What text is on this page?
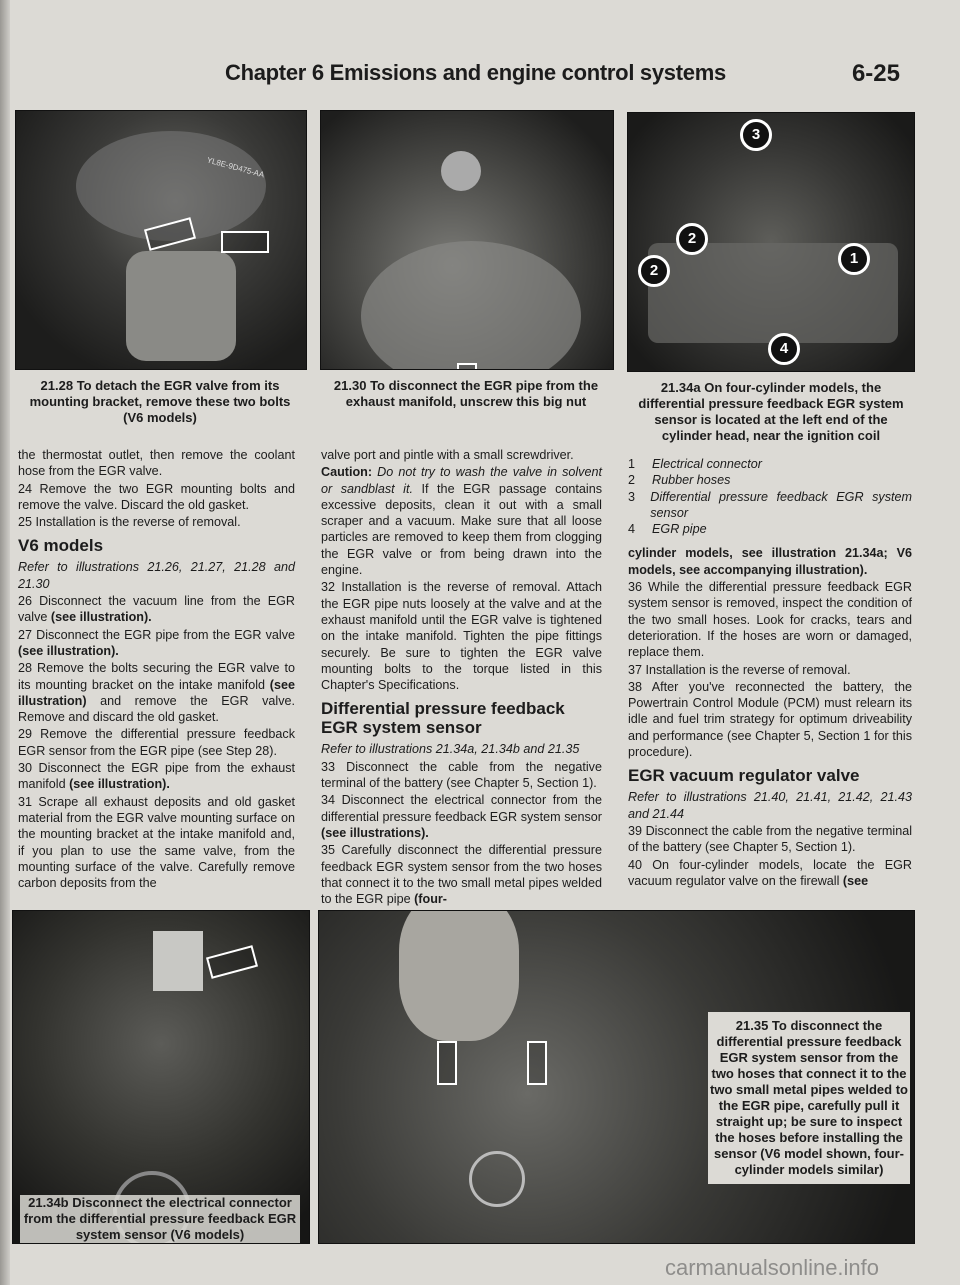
Chapter 6 Emissions and engine control systems	6-25
YL8E-9D475-AA
21.28 To detach the EGR valve from its mounting bracket, remove these two bolts (V6 models)
21.30 To disconnect the EGR pipe from the exhaust manifold, unscrew this big nut
3
2
1
2
4
21.34a On four-cylinder models, the differential pressure feedback EGR system sensor is located at the left end of the cylinder head, near the ignition coil

the thermostat outlet, then remove the coolant hose from the EGR valve.

24 Remove the two EGR mounting bolts and remove the valve. Discard the old gasket.

25 Installation is the reverse of removal.

V6 models

Refer to illustrations 21.26, 21.27, 21.28 and 21.30

26 Disconnect the vacuum line from the EGR valve (see illustration).

27 Disconnect the EGR pipe from the EGR valve (see illustration).

28 Remove the bolts securing the EGR valve to its mounting bracket on the intake manifold (see illustration) and remove the EGR valve. Remove and discard the old gasket.

29 Remove the differential pressure feedback EGR sensor from the EGR pipe (see Step 28).

30 Disconnect the EGR pipe from the exhaust manifold (see illustration).

31 Scrape all exhaust deposits and old gasket material from the EGR valve mounting surface on the mounting bracket at the intake manifold and, if you plan to use the same valve, from the mounting surface of the valve. Carefully remove carbon deposits from the

valve port and pintle with a small screwdriver.

Caution: Do not try to wash the valve in solvent or sandblast it. If the EGR passage contains excessive deposits, clean it out with a small scraper and a vacuum. Make sure that all loose particles are removed to keep them from clogging the EGR valve or from being drawn into the engine.

32 Installation is the reverse of removal. Attach the EGR pipe nuts loosely at the valve and at the exhaust manifold until the EGR valve is tightened on the intake manifold. Tighten the pipe fittings securely. Be sure to tighten the EGR valve mounting bolts to the torque listed in this Chapter's Specifications.

Differential pressure feedback EGR system sensor

Refer to illustrations 21.34a, 21.34b and 21.35

33 Disconnect the cable from the negative terminal of the battery (see Chapter 5, Section 1).

34 Disconnect the electrical connector from the differential pressure feedback EGR system sensor (see illustrations).

35 Carefully disconnect the differential pressure feedback EGR system sensor from the two hoses that connect it to the two small metal pipes welded to the EGR pipe (four-

1	Electrical connector
2	Rubber hoses
3	Differential pressure feedback EGR system sensor
4	EGR pipe

cylinder models, see illustration 21.34a; V6 models, see accompanying illustration).

36 While the differential pressure feedback EGR system sensor is removed, inspect the condition of the two small hoses. Look for cracks, tears and deterioration. If the hoses are worn or damaged, replace them.

37 Installation is the reverse of removal.

38 After you've reconnected the battery, the Powertrain Control Module (PCM) must relearn its idle and fuel trim strategy for optimum driveability and performance (see Chapter 5, Section 1 for this procedure).

EGR vacuum regulator valve

Refer to illustrations 21.40, 21.41, 21.42, 21.43 and 21.44

39 Disconnect the cable from the negative terminal of the battery (see Chapter 5, Section 1).

40 On four-cylinder models, locate the EGR vacuum regulator valve on the firewall (see

21.34b Disconnect the electrical connector from the differential pressure feedback EGR system sensor (V6 models)
21.35 To disconnect the differential pressure feedback EGR system sensor from the two hoses that connect it to the two small metal pipes welded to the EGR pipe, carefully pull it straight up; be sure to inspect the hoses before installing the sensor (V6 model shown, four-cylinder models similar)
carmanualsonline.info
